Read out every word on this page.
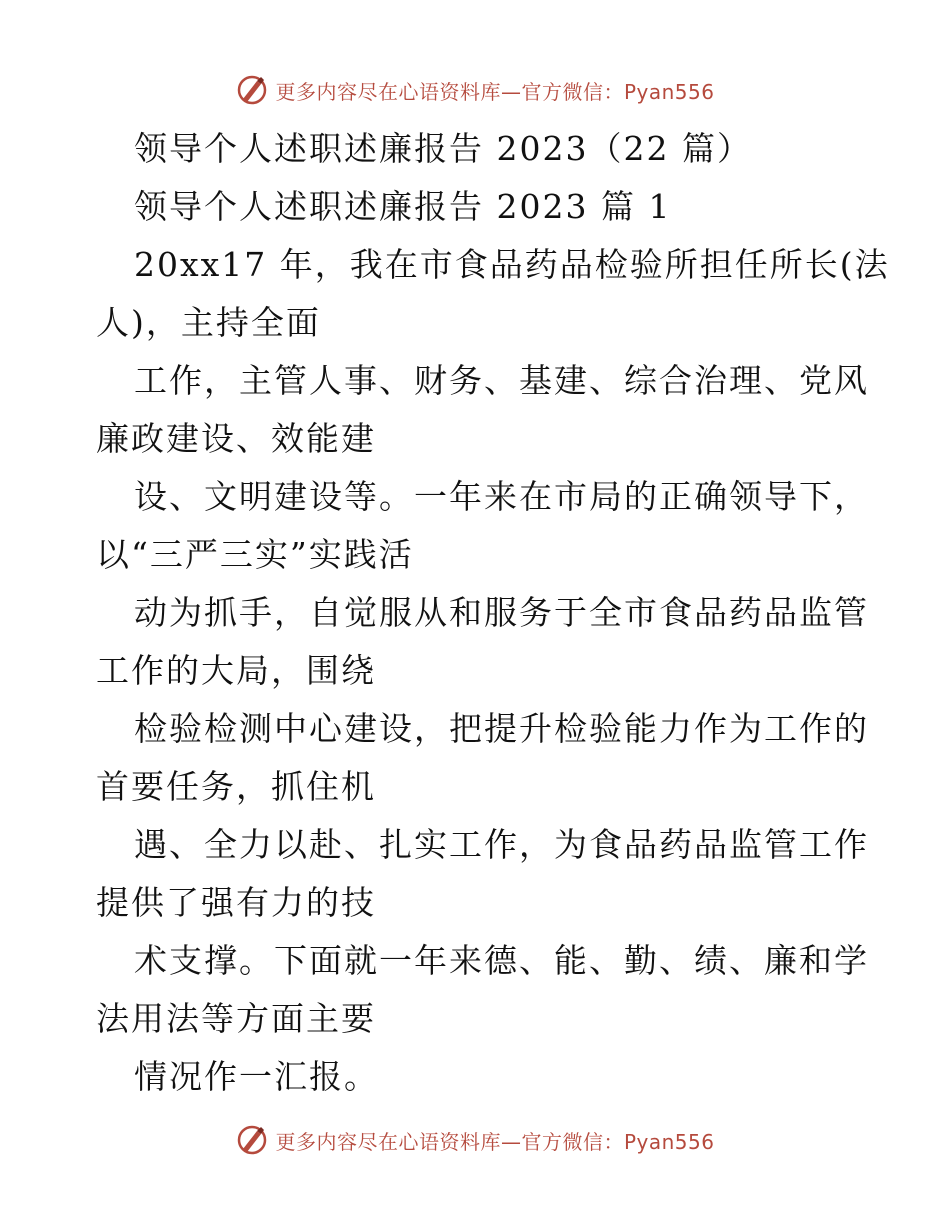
更多内容尽在心语资料库—官方微信：Pyan556
领导个人述职述廉报告 2023（22 篇）
领导个人述职述廉报告 2023 篇 1
20xx17 年，我在市食品药品检验所担任所长(法
人)，主持全面
工作，主管人事、财务、基建、综合治理、党风
廉政建设、效能建
设、文明建设等。一年来在市局的正确领导下，
以“三严三实”实践活
动为抓手，自觉服从和服务于全市食品药品监管
工作的大局，围绕
检验检测中心建设，把提升检验能力作为工作的
首要任务，抓住机
遇、全力以赴、扎实工作，为食品药品监管工作
提供了强有力的技
术支撑。下面就一年来德、能、勤、绩、廉和学
法用法等方面主要
情况作一汇报。
更多内容尽在心语资料库—官方微信：Pyan556
